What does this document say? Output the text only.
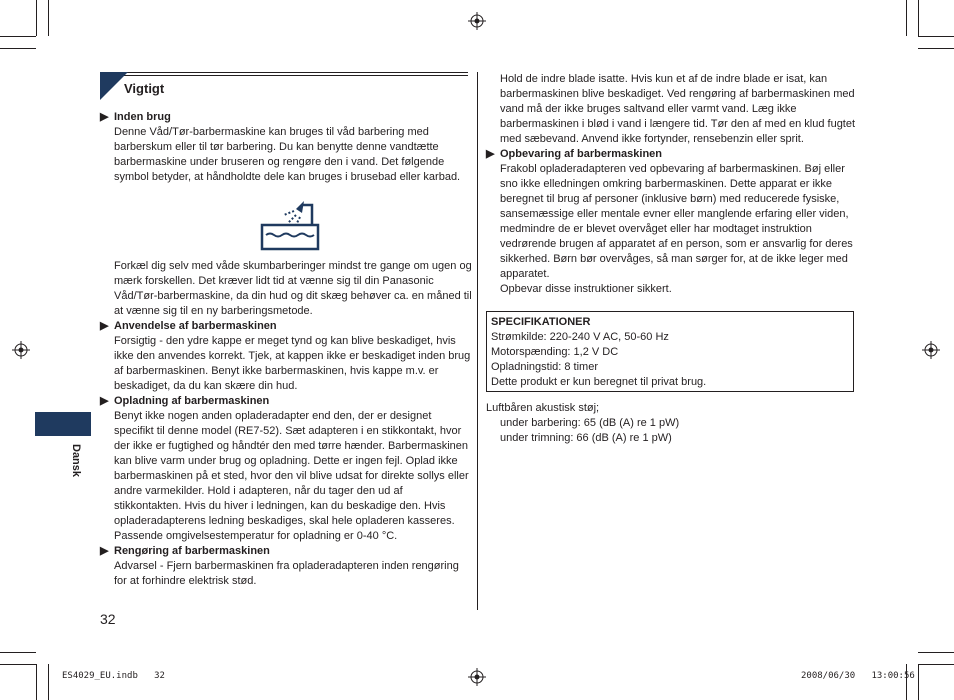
Vigtigt
▶ Inden brug
Denne Våd/Tør-barbermaskine kan bruges til våd barbering med barberskum eller til tør barbering. Du kan benytte denne vandtætte barbermaskine under bruseren og rengøre den i vand. Det følgende symbol betyder, at håndholdte dele kan bruges i brusebad eller karbad.
Forkæl dig selv med våde skumbarberinger mindst tre gange om ugen og mærk forskellen. Det kræver lidt tid at vænne sig til din Panasonic Våd/Tør-barbermaskine, da din hud og dit skæg behøver ca. en måned til at vænne sig til en ny barberingsmetode.
▶ Anvendelse af barbermaskinen
Forsigtig - den ydre kappe er meget tynd og kan blive beskadiget, hvis ikke den anvendes korrekt. Tjek, at kappen ikke er beskadiget inden brug af barbermaskinen. Benyt ikke barbermaskinen, hvis kappe m.v. er beskadiget, da du kan skære din hud.
▶ Opladning af barbermaskinen
Benyt ikke nogen anden opladeradapter end den, der er designet specifikt til denne model (RE7-52). Sæt adapteren i en stikkontakt, hvor der ikke er fugtighed og håndtér den med tørre hænder. Barbermaskinen kan blive varm under brug og opladning. Dette er ingen fejl. Oplad ikke barbermaskinen på et sted, hvor den vil blive udsat for direkte sollys eller andre varmekilder. Hold i adapteren, når du tager den ud af stikkontakten. Hvis du hiver i ledningen, kan du beskadige den. Hvis opladeradapterens ledning beskadiges, skal hele opladeren kasseres.
Passende omgivelsestemperatur for opladning er 0-40 °C.
▶ Rengøring af barbermaskinen
Advarsel - Fjern barbermaskinen fra opladeradapteren inden rengøring for at forhindre elektrisk stød.
Hold de indre blade isatte. Hvis kun et af de indre blade er isat, kan barbermaskinen blive beskadiget. Ved rengøring af barbermaskinen med vand må der ikke bruges saltvand eller varmt vand. Læg ikke barbermaskinen i blød i vand i længere tid. Tør den af med en klud fugtet med sæbevand. Anvend ikke fortynder, rensebenzin eller sprit.
▶ Opbevaring af barbermaskinen
Frakobl opladeradapteren ved opbevaring af barbermaskinen. Bøj eller sno ikke elledningen omkring barbermaskinen. Dette apparat er ikke beregnet til brug af personer (inklusive børn) med reducerede fysiske, sansemæssige eller mentale evner eller manglende erfaring eller viden, medmindre de er blevet overvåget eller har modtaget instruktion vedrørende brugen af apparatet af en person, som er ansvarlig for deres sikkerhed. Børn bør overvåges, så man sørger for, at de ikke leger med apparatet.
Opbevar disse instruktioner sikkert.
SPECIFIKATIONER
Strømkilde: 220-240 V AC, 50-60 Hz
Motorspænding: 1,2 V DC
Opladningstid: 8 timer
Dette produkt er kun beregnet til privat brug.
Luftbåren akustisk støj;
under barbering: 65 (dB (A) re 1 pW)
under trimning: 66 (dB (A) re 1 pW)
Dansk
32
ES4029_EU.indb   32	2008/06/30   13:00:56
